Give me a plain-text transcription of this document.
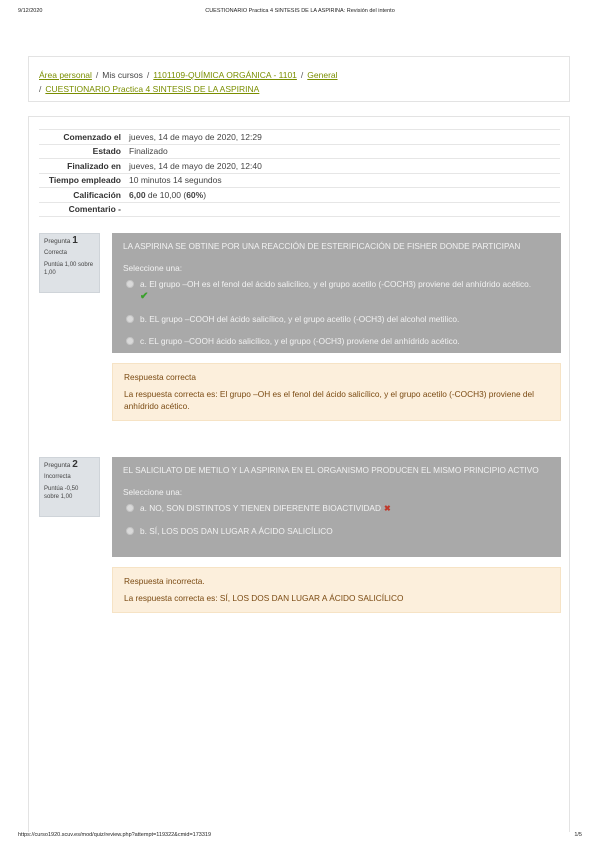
9/12/2020	CUESTIONARIO Practica 4 SINTESIS DE LA ASPIRINA: Revisión del intento
Área personal / Mis cursos / 1101109-QUÍMICA ORGÁNICA - 1101 / General
/ CUESTIONARIO Practica 4 SINTESIS DE LA ASPIRINA
Comenzado el	jueves, 14 de mayo de 2020, 12:29
Estado	Finalizado
Finalizado en	jueves, 14 de mayo de 2020, 12:40
Tiempo empleado	10 minutos 14 segundos
Calificación	6,00 de 10,00 (60%)
Comentario -	
Pregunta 1
Correcta
Puntúa 1,00 sobre 1,00
LA ASPIRINA SE OBTINE POR UNA REACCIÓN DE ESTERIFICACIÓN DE FISHER DONDE PARTICIPAN
Seleccione una:
a. El grupo –OH es el fenol del ácido salicílico, y el grupo acetilo (-COCH3) proviene del anhídrido acético.
✔
b. EL grupo –COOH del ácido salicílico, y el grupo acetilo (-OCH3) del alcohol metilico.
c. EL grupo –COOH ácido salicílico, y el grupo (-OCH3) proviene del anhídrido acético.
Respuesta correcta
La respuesta correcta es: El grupo –OH es el fenol del ácido salicílico, y el grupo acetilo (-COCH3) proviene del anhídrido acético.
Pregunta 2
Incorrecta
Puntúa -0,50 sobre 1,00
EL SALICILATO DE METILO Y LA ASPIRINA EN EL ORGANISMO PRODUCEN EL MISMO PRINCIPIO ACTIVO
Seleccione una:
a. NO, SON DISTINTOS Y TIENEN DIFERENTE BIOACTIVIDAD ✖
b. SÍ, LOS DOS DAN LUGAR A ÁCIDO SALICÍLICO
Respuesta incorrecta.
La respuesta correcta es: SÍ, LOS DOS DAN LUGAR A ÁCIDO SALICÍLICO
https://curso1920.scuv.es/mod/quiz/review.php?attempt=119322&cmid=173319	1/5
